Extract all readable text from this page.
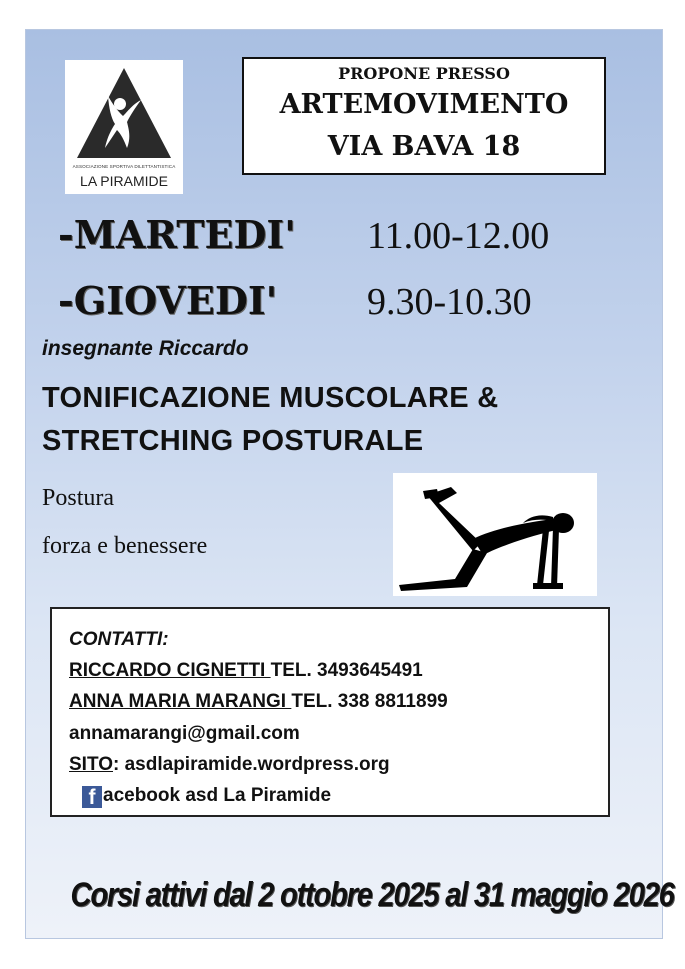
ASSOCIAZIONE SPORTIVA DILETTANTISTICA
LA PIRAMIDE
PROPONE PRESSO
ARTEMOVIMENTO
VIA BAVA 18
-MARTEDI' 11.00-12.00
-GIOVEDI' 9.30-10.30
insegnante Riccardo
TONIFICAZIONE MUSCOLARE &
STRETCHING POSTURALE
Postura
forza e benessere
CONTATTI:
RICCARDO CIGNETTI TEL. 3493645491
ANNA MARIA MARANGI TEL. 338 8811899
annamarangi@gmail.com
SITO: asdlapiramide.wordpress.org
f acebook asd La Piramide
Corsi attivi dal 2 ottobre 2025 al 31 maggio 2026
